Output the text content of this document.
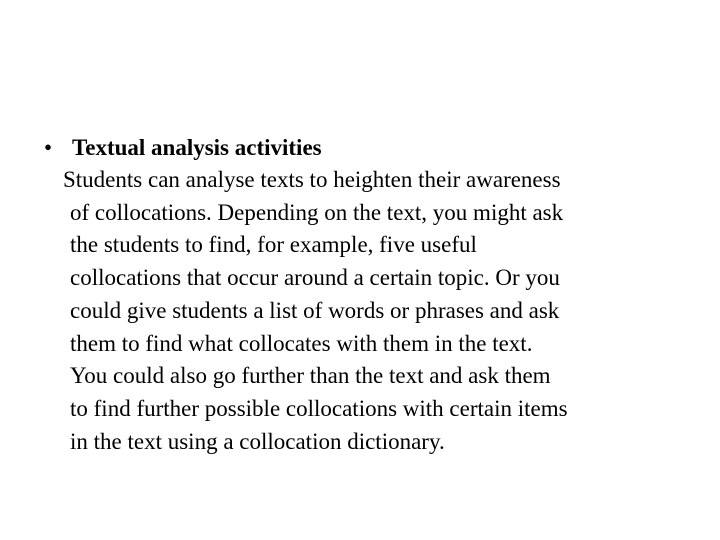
• Textual analysis activities
Students can analyse texts to heighten their awareness
of collocations. Depending on the text, you might ask
the students to find, for example, five useful
collocations that occur around a certain topic. Or you
could give students a list of words or phrases and ask
them to find what collocates with them in the text.
You could also go further than the text and ask them
to find further possible collocations with certain items
in the text using a collocation dictionary.
